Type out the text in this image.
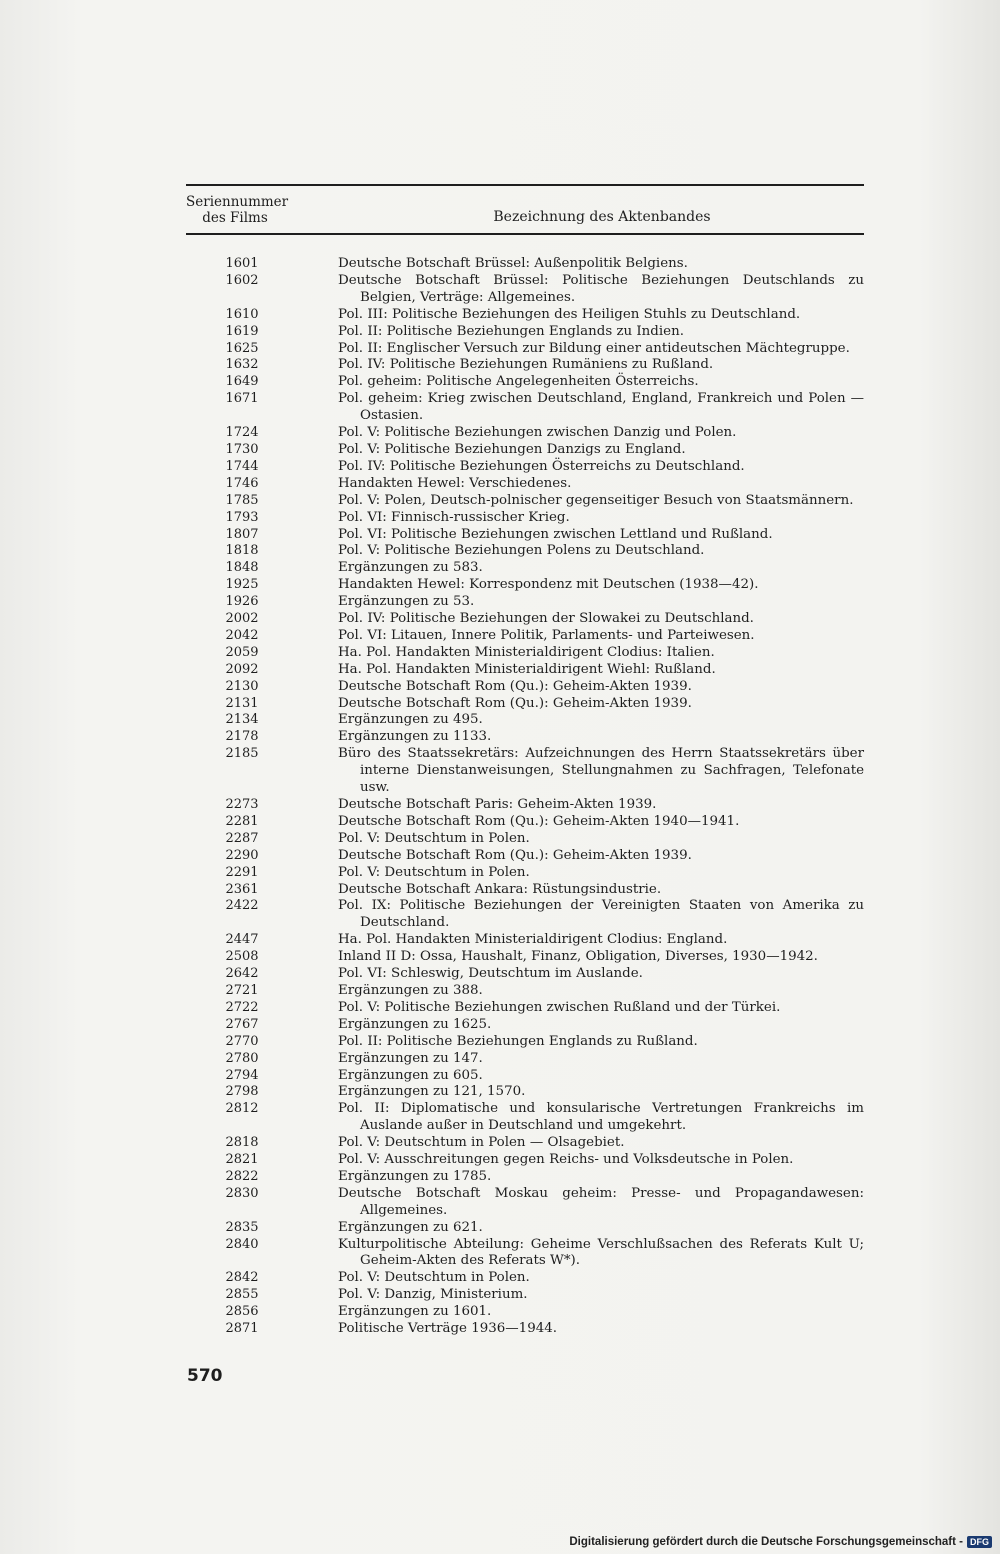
Seriennummer
des Films	Bezeichnung des Aktenbandes
1601	Deutsche Botschaft Brüssel: Außenpolitik Belgiens.
1602	Deutsche Botschaft Brüssel: Politische Beziehungen Deutschlands zu Belgien, Verträge: Allgemeines.
1610	Pol. III: Politische Beziehungen des Heiligen Stuhls zu Deutschland.
1619	Pol. II: Politische Beziehungen Englands zu Indien.
1625	Pol. II: Englischer Versuch zur Bildung einer antideutschen Mächtegruppe.
1632	Pol. IV: Politische Beziehungen Rumäniens zu Rußland.
1649	Pol. geheim: Politische Angelegenheiten Österreichs.
1671	Pol. geheim: Krieg zwischen Deutschland, England, Frankreich und Polen — Ostasien.
1724	Pol. V: Politische Beziehungen zwischen Danzig und Polen.
1730	Pol. V: Politische Beziehungen Danzigs zu England.
1744	Pol. IV: Politische Beziehungen Österreichs zu Deutschland.
1746	Handakten Hewel: Verschiedenes.
1785	Pol. V: Polen, Deutsch-polnischer gegenseitiger Besuch von Staatsmännern.
1793	Pol. VI: Finnisch-russischer Krieg.
1807	Pol. VI: Politische Beziehungen zwischen Lettland und Rußland.
1818	Pol. V: Politische Beziehungen Polens zu Deutschland.
1848	Ergänzungen zu 583.
1925	Handakten Hewel: Korrespondenz mit Deutschen (1938—42).
1926	Ergänzungen zu 53.
2002	Pol. IV: Politische Beziehungen der Slowakei zu Deutschland.
2042	Pol. VI: Litauen, Innere Politik, Parlaments- und Parteiwesen.
2059	Ha. Pol. Handakten Ministerialdirigent Clodius: Italien.
2092	Ha. Pol. Handakten Ministerialdirigent Wiehl: Rußland.
2130	Deutsche Botschaft Rom (Qu.): Geheim-Akten 1939.
2131	Deutsche Botschaft Rom (Qu.): Geheim-Akten 1939.
2134	Ergänzungen zu 495.
2178	Ergänzungen zu 1133.
2185	Büro des Staatssekretärs: Aufzeichnungen des Herrn Staatssekretärs über interne Dienstanweisungen, Stellungnahmen zu Sachfragen, Telefonate usw.
2273	Deutsche Botschaft Paris: Geheim-Akten 1939.
2281	Deutsche Botschaft Rom (Qu.): Geheim-Akten 1940—1941.
2287	Pol. V: Deutschtum in Polen.
2290	Deutsche Botschaft Rom (Qu.): Geheim-Akten 1939.
2291	Pol. V: Deutschtum in Polen.
2361	Deutsche Botschaft Ankara: Rüstungsindustrie.
2422	Pol. IX: Politische Beziehungen der Vereinigten Staaten von Amerika zu Deutschland.
2447	Ha. Pol. Handakten Ministerialdirigent Clodius: England.
2508	Inland II D: Ossa, Haushalt, Finanz, Obligation, Diverses, 1930—1942.
2642	Pol. VI: Schleswig, Deutschtum im Auslande.
2721	Ergänzungen zu 388.
2722	Pol. V: Politische Beziehungen zwischen Rußland und der Türkei.
2767	Ergänzungen zu 1625.
2770	Pol. II: Politische Beziehungen Englands zu Rußland.
2780	Ergänzungen zu 147.
2794	Ergänzungen zu 605.
2798	Ergänzungen zu 121, 1570.
2812	Pol. II: Diplomatische und konsularische Vertretungen Frankreichs im Auslande außer in Deutschland und umgekehrt.
2818	Pol. V: Deutschtum in Polen — Olsagebiet.
2821	Pol. V: Ausschreitungen gegen Reichs- und Volksdeutsche in Polen.
2822	Ergänzungen zu 1785.
2830	Deutsche Botschaft Moskau geheim: Presse- und Propagandawesen: Allgemeines.
2835	Ergänzungen zu 621.
2840	Kulturpolitische Abteilung: Geheime Verschlußsachen des Referats Kult U; Geheim-Akten des Referats W*).
2842	Pol. V: Deutschtum in Polen.
2855	Pol. V: Danzig, Ministerium.
2856	Ergänzungen zu 1601.
2871	Politische Verträge 1936—1944.
570
Digitalisierung gefördert durch die Deutsche Forschungsgemeinschaft - DFG
